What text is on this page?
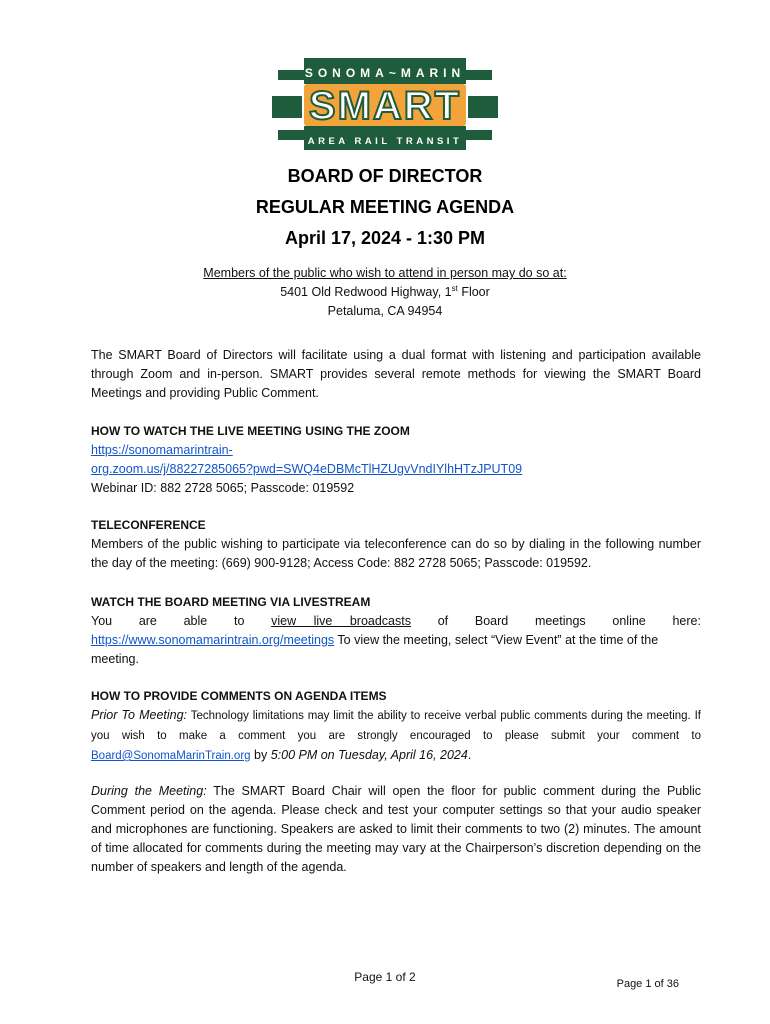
SONOMA~MARIN
SMART
AREA RAIL TRANSIT
BOARD OF DIRECTOR
REGULAR MEETING AGENDA
April 17, 2024 - 1:30 PM
Members of the public who wish to attend in person may do so at:
5401 Old Redwood Highway, 1st Floor
Petaluma, CA 94954
The SMART Board of Directors will facilitate using a dual format with listening and participation available through Zoom and in-person. SMART provides several remote methods for viewing the SMART Board Meetings and providing Public Comment.
HOW TO WATCH THE LIVE MEETING USING THE ZOOM
https://sonomamarintrain-
org.zoom.us/j/88227285065?pwd=SWQ4eDBMcTlHZUgvVndIYlhHTzJPUT09
Webinar ID: 882 2728 5065; Passcode: 019592
TELECONFERENCE
Members of the public wishing to participate via teleconference can do so by dialing in the following number the day of the meeting: (669) 900-9128; Access Code: 882 2728 5065; Passcode: 019592.
WATCH THE BOARD MEETING VIA LIVESTREAM
You are able to view live broadcasts of Board meetings online here:
https://www.sonomamarintrain.org/meetings To view the meeting, select “View Event” at the time of the meeting.
HOW TO PROVIDE COMMENTS ON AGENDA ITEMS
Prior To Meeting: Technology limitations may limit the ability to receive verbal public comments during the meeting. If you wish to make a comment you are strongly encouraged to please submit your comment to Board@SonomaMarinTrain.org by 5:00 PM on Tuesday, April 16, 2024.
During the Meeting: The SMART Board Chair will open the floor for public comment during the Public Comment period on the agenda. Please check and test your computer settings so that your audio speaker and microphones are functioning. Speakers are asked to limit their comments to two (2) minutes. The amount of time allocated for comments during the meeting may vary at the Chairperson’s discretion depending on the number of speakers and length of the agenda.
Page 1 of 2	Page 1 of 36
